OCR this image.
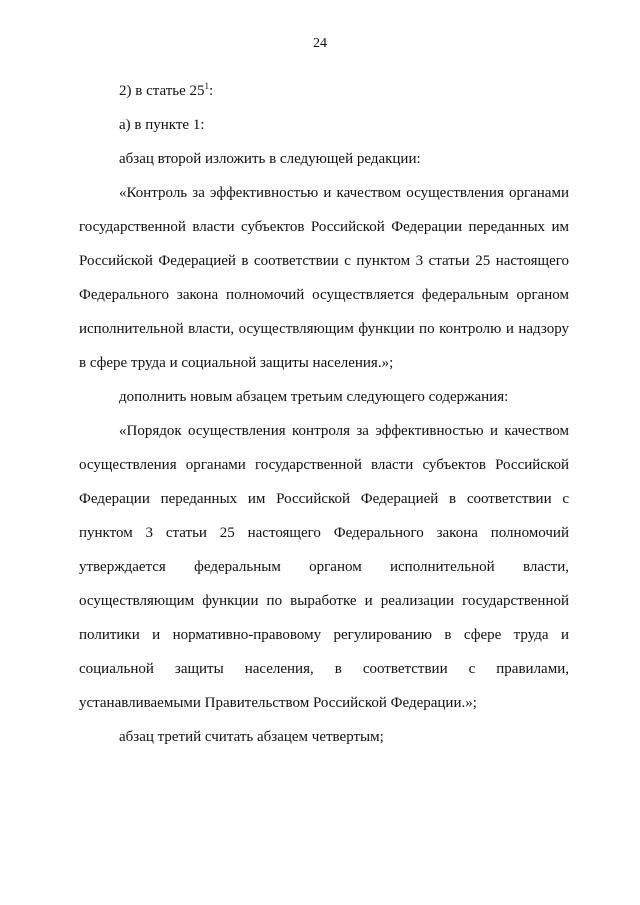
24

2) в статье $25^1$:

а) в пункте 1:

абзац второй изложить в следующей редакции:

«Контроль за эффективностью и качеством осуществления органами государственной власти субъектов Российской Федерации переданных им Российской Федерацией в соответствии с пунктом 3 статьи 25 настоящего Федерального закона полномочий осуществляется федеральным органом исполнительной власти, осуществляющим функции по контролю и надзору в сфере труда и социальной защиты населения.»;

дополнить новым абзацем третьим следующего содержания:

«Порядок осуществления контроля за эффективностью и качеством осуществления органами государственной власти субъектов Российской Федерации переданных им Российской Федерацией в соответствии с пунктом 3 статьи 25 настоящего Федерального закона полномочий утверждается федеральным органом исполнительной власти, осуществляющим функции по выработке и реализации государственной политики и нормативно-правовому регулированию в сфере труда и социальной защиты населения, в соответствии с правилами, устанавливаемыми Правительством Российской Федерации.»;

абзац третий считать абзацем четвертым;
